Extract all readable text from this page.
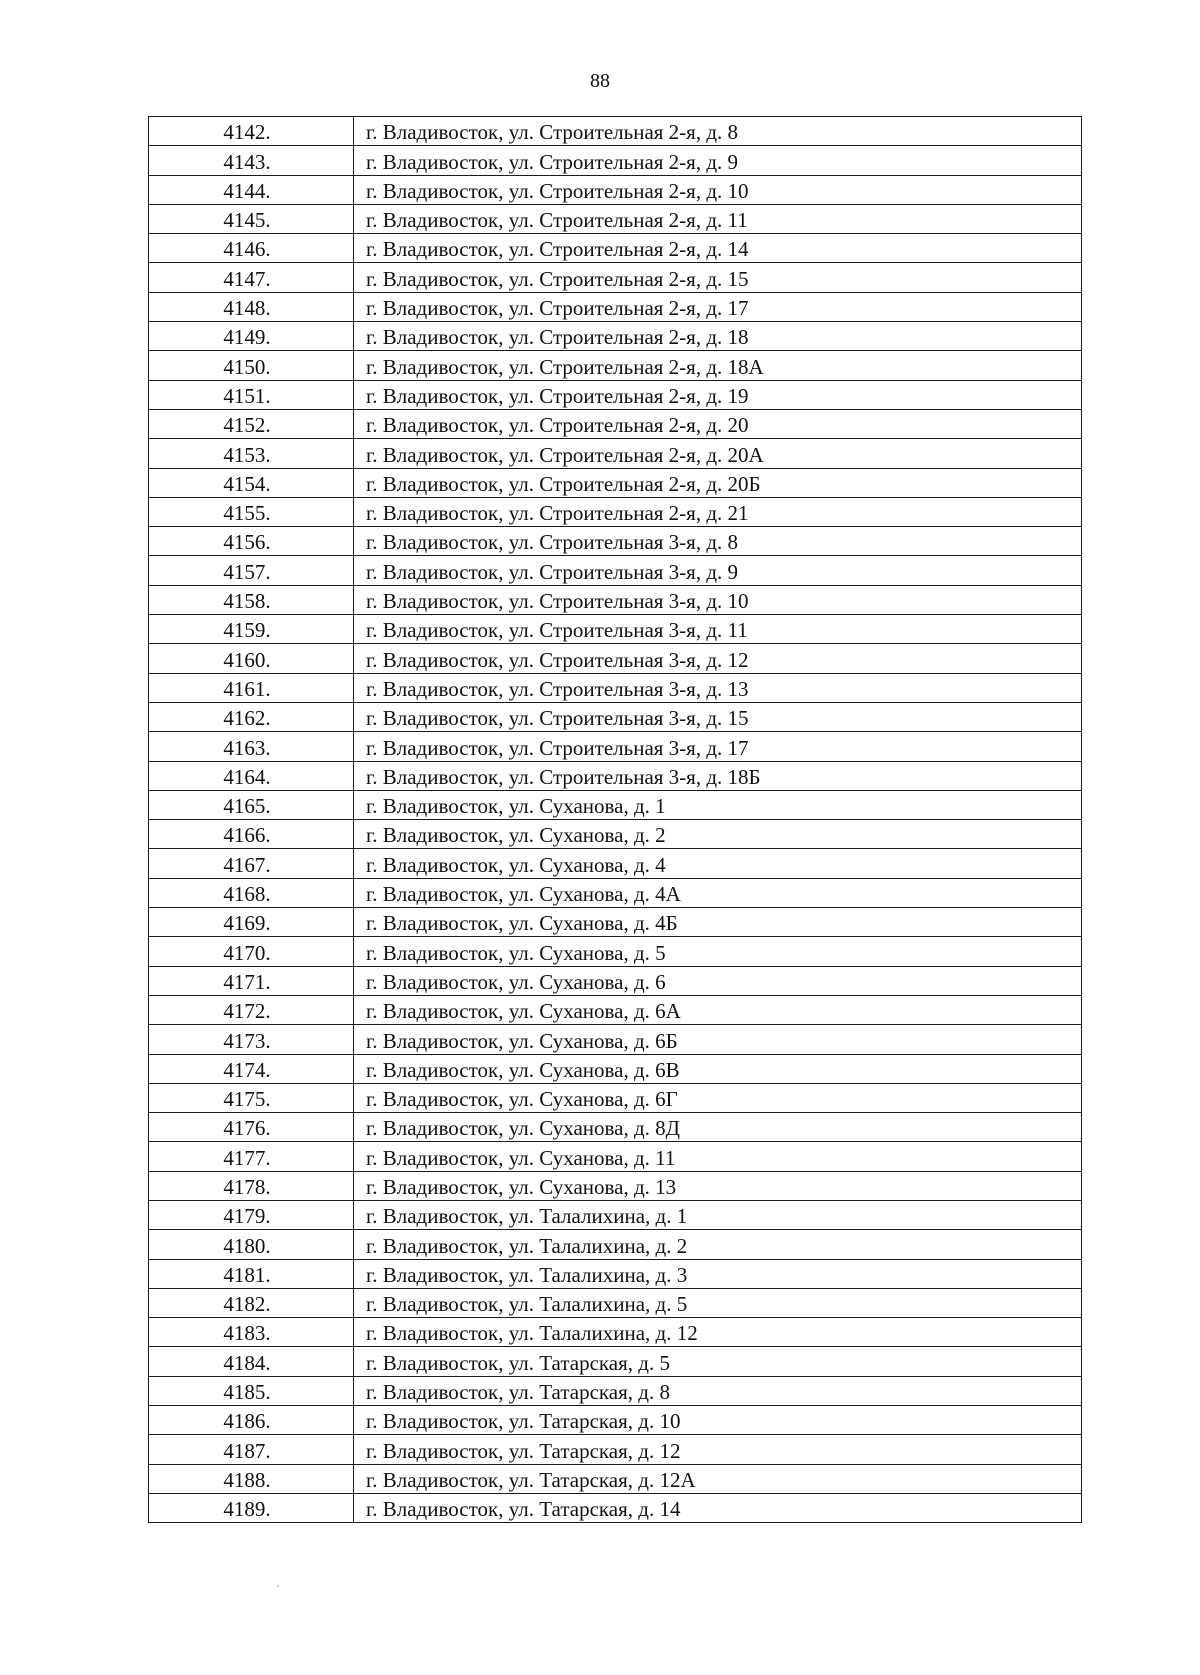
88
4142.	г. Владивосток, ул. Строительная 2-я, д. 8
4143.	г. Владивосток, ул. Строительная 2-я, д. 9
4144.	г. Владивосток, ул. Строительная 2-я, д. 10
4145.	г. Владивосток, ул. Строительная 2-я, д. 11
4146.	г. Владивосток, ул. Строительная 2-я, д. 14
4147.	г. Владивосток, ул. Строительная 2-я, д. 15
4148.	г. Владивосток, ул. Строительная 2-я, д. 17
4149.	г. Владивосток, ул. Строительная 2-я, д. 18
4150.	г. Владивосток, ул. Строительная 2-я, д. 18А
4151.	г. Владивосток, ул. Строительная 2-я, д. 19
4152.	г. Владивосток, ул. Строительная 2-я, д. 20
4153.	г. Владивосток, ул. Строительная 2-я, д. 20А
4154.	г. Владивосток, ул. Строительная 2-я, д. 20Б
4155.	г. Владивосток, ул. Строительная 2-я, д. 21
4156.	г. Владивосток, ул. Строительная 3-я, д. 8
4157.	г. Владивосток, ул. Строительная 3-я, д. 9
4158.	г. Владивосток, ул. Строительная 3-я, д. 10
4159.	г. Владивосток, ул. Строительная 3-я, д. 11
4160.	г. Владивосток, ул. Строительная 3-я, д. 12
4161.	г. Владивосток, ул. Строительная 3-я, д. 13
4162.	г. Владивосток, ул. Строительная 3-я, д. 15
4163.	г. Владивосток, ул. Строительная 3-я, д. 17
4164.	г. Владивосток, ул. Строительная 3-я, д. 18Б
4165.	г. Владивосток, ул. Суханова, д. 1
4166.	г. Владивосток, ул. Суханова, д. 2
4167.	г. Владивосток, ул. Суханова, д. 4
4168.	г. Владивосток, ул. Суханова, д. 4А
4169.	г. Владивосток, ул. Суханова, д. 4Б
4170.	г. Владивосток, ул. Суханова, д. 5
4171.	г. Владивосток, ул. Суханова, д. 6
4172.	г. Владивосток, ул. Суханова, д. 6А
4173.	г. Владивосток, ул. Суханова, д. 6Б
4174.	г. Владивосток, ул. Суханова, д. 6В
4175.	г. Владивосток, ул. Суханова, д. 6Г
4176.	г. Владивосток, ул. Суханова, д. 8Д
4177.	г. Владивосток, ул. Суханова, д. 11
4178.	г. Владивосток, ул. Суханова, д. 13
4179.	г. Владивосток, ул. Талалихина, д. 1
4180.	г. Владивосток, ул. Талалихина, д. 2
4181.	г. Владивосток, ул. Талалихина, д. 3
4182.	г. Владивосток, ул. Талалихина, д. 5
4183.	г. Владивосток, ул. Талалихина, д. 12
4184.	г. Владивосток, ул. Татарская, д. 5
4185.	г. Владивосток, ул. Татарская, д. 8
4186.	г. Владивосток, ул. Татарская, д. 10
4187.	г. Владивосток, ул. Татарская, д. 12
4188.	г. Владивосток, ул. Татарская, д. 12А
4189.	г. Владивосток, ул. Татарская, д. 14
